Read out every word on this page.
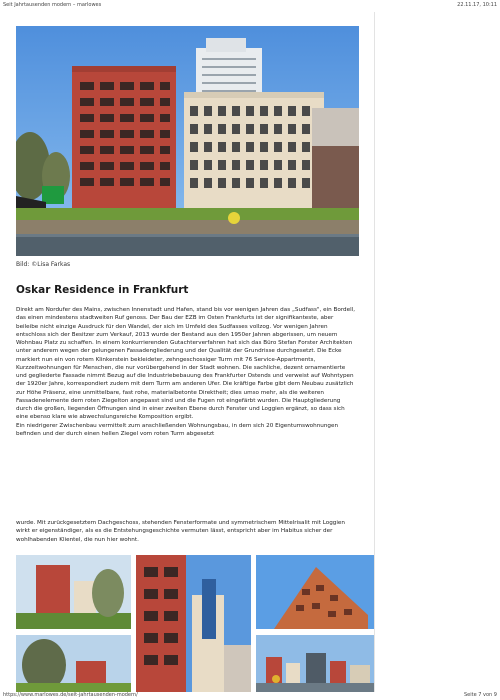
Seit Jahrtausenden modern – marlowes	22.11.17, 10:11
Bild: ©Lisa Farkas
Oskar Residence in Frankfurt

Direkt am Nordufer des Mains, zwischen Innenstadt und Hafen, stand bis vor wenigen Jahren das „Sudfass", ein Bordell, das einen mindestens stadtweiten Ruf genoss. Der Bau der EZB im Osten Frankfurts ist der signifikanteste, aber beileibe nicht einzige Ausdruck für den Wandel, der sich im Umfeld des Sudfasses vollzog. Vor wenigen Jahren entschloss sich der Besitzer zum Verkauf, 2013 wurde der Bestand aus den 1950er Jahren abgerissen, um neuem Wohnbau Platz zu schaffen. In einem konkurrierenden Gutachterverfahren hat sich das Büro Stefan Forster Architekten unter anderem wegen der gelungenen Fassadengliederung und der Qualität der Grundrisse durchgesetzt. Die Ecke markiert nun ein von rotem Klinkerstein bekleideter, zehngeschossiger Turm mit 76 Service-Appartments, Kurzzeitwohnungen für Menschen, die nur vorübergehend in der Stadt wohnen. Die sachliche, dezent ornamentierte und gegliederte Fassade nimmt Bezug auf die Industriebebauung des Frankfurter Ostends und verweist auf Wohntypen der 1920er Jahre, korrespondiert zudem mit dem Turm am anderen Ufer. Die kräftige Farbe gibt dem Neubau zusätzlich zur Höhe Präsenz, eine unmittelbare, fast rohe, materialbetonte Direktheit; dies umso mehr, als die weiteren Fassadenelemente dem roten Ziegelton angepasst sind und die Fugen rot eingefärbt wurden. Die Hauptgliederung durch die großen, liegenden Öffnungen sind in einer zweiten Ebene durch Fenster und Loggien ergänzt, so dass sich eine ebenso klare wie abwechslungsreiche Komposition ergibt.

Ein niedrigerer Zwischenbau vermittelt zum anschließenden Wohnungsbau, in dem sich 20 Eigentumswohnungen befinden und der durch einen hellen Ziegel vom roten Turm abgesetzt

wurde. Mit zurückgesetztem Dachgeschoss, stehenden Fensterformate und symmetrischem Mittelrisalit mit Loggien wirkt er eigenständiger, als es die Entstehungsgeschichte vermuten lässt, entspricht aber im Habitus sicher der wohlhabenden Klientel, die nun hier wohnt.
https://www.marlowes.de/seit-jahrtausenden-modern/	Seite 7 von 9
